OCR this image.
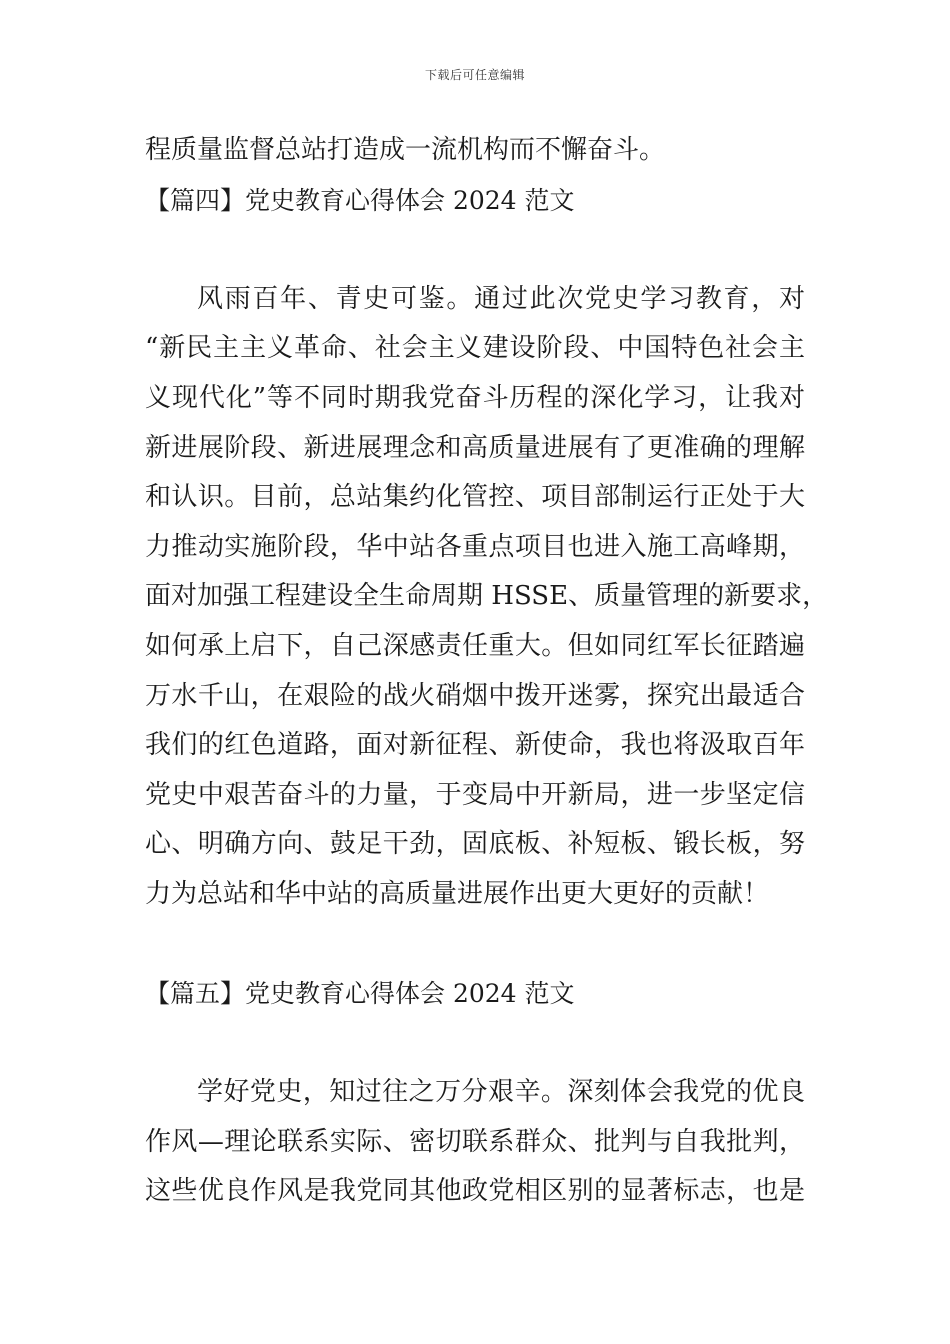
下载后可任意编辑
程质量监督总站打造成一流机构而不懈奋斗。
【篇四】党史教育心得体会 2024 范文
风雨百年、青史可鉴。通过此次党史学习教育，对
“新民主主义革命、社会主义建设阶段、中国特色社会主
义现代化”等不同时期我党奋斗历程的深化学习，让我对
新进展阶段、新进展理念和高质量进展有了更准确的理解
和认识。目前，总站集约化管控、项目部制运行正处于大
力推动实施阶段，华中站各重点项目也进入施工高峰期，
面对加强工程建设全生命周期 HSSE、质量管理的新要求，
如何承上启下，自己深感责任重大。但如同红军长征踏遍
万水千山，在艰险的战火硝烟中拨开迷雾，探究出最适合
我们的红色道路，面对新征程、新使命，我也将汲取百年
党史中艰苦奋斗的力量，于变局中开新局，进一步坚定信
心、明确方向、鼓足干劲，固底板、补短板、锻长板，努
力为总站和华中站的高质量进展作出更大更好的贡献！
【篇五】党史教育心得体会 2024 范文
学好党史，知过往之万分艰辛。深刻体会我党的优良
作风—理论联系实际、密切联系群众、批判与自我批判，
这些优良作风是我党同其他政党相区别的显著标志，也是
